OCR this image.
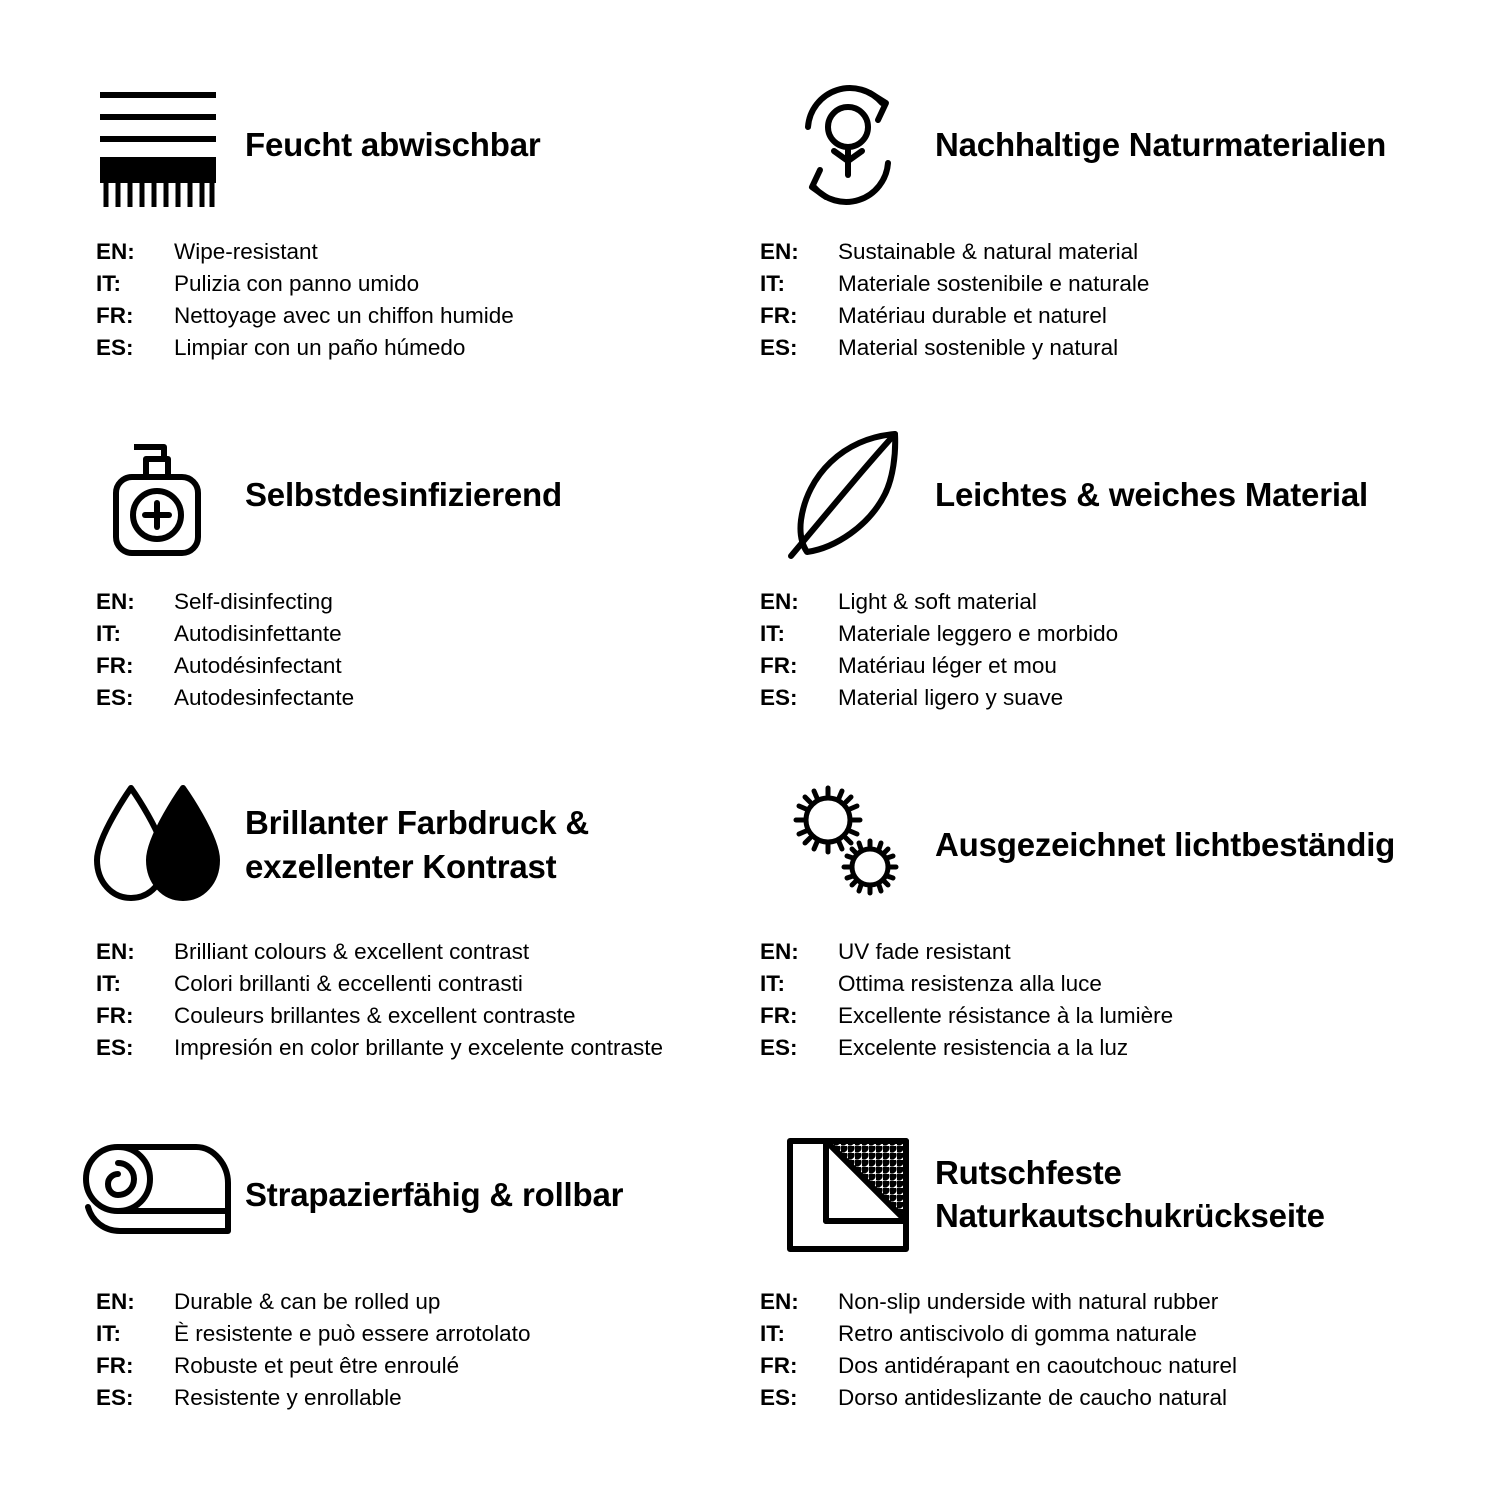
Feucht abwischbar
EN:	Wipe-resistant
IT:	Pulizia con panno umido
FR:	Nettoyage avec un chiffon humide
ES:	Limpiar con un paño húmedo
Nachhaltige Naturmaterialien
EN:	Sustainable & natural material
IT:	Materiale sostenibile e naturale
FR:	Matériau durable et naturel
ES:	Material sostenible y natural
Selbstdesinfizierend
EN:	Self-disinfecting
IT:	Autodisinfettante
FR:	Autodésinfectant
ES:	Autodesinfectante
Leichtes & weiches Material
EN:	Light & soft material
IT:	Materiale leggero e morbido
FR:	Matériau léger et mou
ES:	Material ligero y suave
Brillanter Farbdruck & exzellenter Kontrast
EN:	Brilliant colours & excellent contrast
IT:	Colori brillanti & eccellenti contrasti
FR:	Couleurs brillantes & excellent contraste
ES:	Impresión en color brillante y excelente contraste
Ausgezeichnet lichtbeständig
EN:	UV fade resistant
IT:	Ottima resistenza alla luce
FR:	Excellente résistance à la lumière
ES:	Excelente resistencia a la luz
Strapazierfähig & rollbar
EN:	Durable & can be rolled up
IT:	È resistente e può essere arrotolato
FR:	Robuste et peut être enroulé
ES:	Resistente y enrollable
Rutschfeste Naturkautschukrückseite
EN:	Non-slip underside with natural rubber
IT:	Retro antiscivolo di gomma naturale
FR:	Dos antidérapant en caoutchouc naturel
ES:	Dorso antideslizante de caucho natural
